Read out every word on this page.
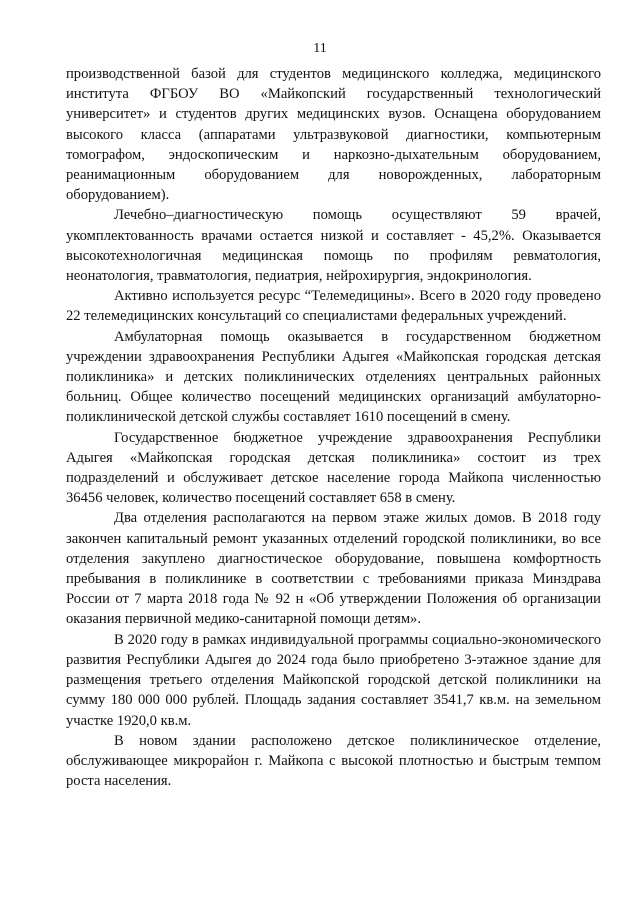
11

производственной базой для студентов медицинского колледжа, медицинского института ФГБОУ ВО «Майкопский государственный технологический университет» и студентов других медицинских вузов. Оснащена оборудованием высокого класса (аппаратами ультразвуковой диагностики, компьютерным томографом, эндоскопическим и наркозно-дыхательным оборудованием, реанимационным оборудованием для новорожденных, лабораторным оборудованием).

Лечебно–диагностическую помощь осуществляют 59 врачей, укомплектованность врачами остается низкой и составляет - 45,2%. Оказывается высокотехнологичная медицинская помощь по профилям ревматология, неонатология, травматология, педиатрия, нейрохирургия, эндокринология.

Активно используется ресурс “Телемедицины». Всего в 2020 году проведено 22 телемедицинских консультаций со специалистами федеральных учреждений.

Амбулаторная помощь оказывается в государственном бюджетном учреждении здравоохранения Республики Адыгея «Майкопская городская детская поликлиника» и детских поликлинических отделениях центральных районных больниц. Общее количество посещений медицинских организаций амбулаторно-поликлинической детской службы составляет 1610 посещений в смену.

Государственное бюджетное учреждение здравоохранения Республики Адыгея «Майкопская городская детская поликлиника» состоит из трех подразделений и обслуживает детское население города Майкопа численностью 36456 человек, количество посещений составляет 658 в смену.

Два отделения располагаются на первом этаже жилых домов. В 2018 году закончен капитальный ремонт указанных отделений городской поликлиники, во все отделения закуплено диагностическое оборудование, повышена комфортность пребывания в поликлинике в соответствии с требованиями приказа Минздрава России от 7 марта 2018 года № 92 н «Об утверждении Положения об организации оказания первичной медико-санитарной помощи детям».

В 2020 году в рамках индивидуальной программы социально-экономического развития Республики Адыгея до 2024 года было приобретено 3-этажное здание для размещения третьего отделения Майкопской городской детской поликлиники на сумму 180 000 000 рублей. Площадь задания составляет 3541,7 кв.м. на земельном участке 1920,0 кв.м.

В новом здании расположено детское поликлиническое отделение, обслуживающее микрорайон г. Майкопа с высокой плотностью и быстрым темпом роста населения.
